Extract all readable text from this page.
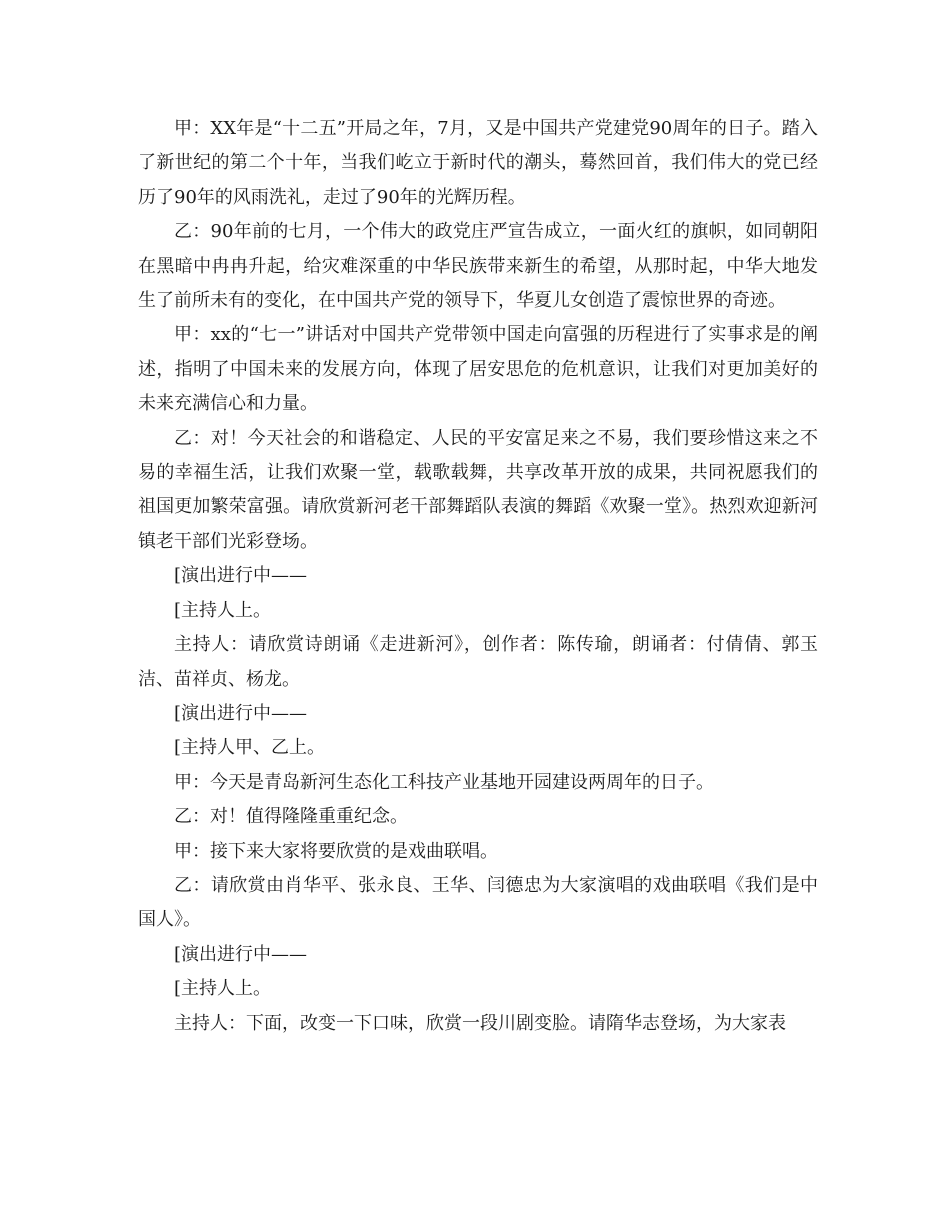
甲：XX年是“十二五”开局之年，7月，又是中国共产党建党90周年的日子。踏入了新世纪的第二个十年，当我们屹立于新时代的潮头，蓦然回首，我们伟大的党已经历了90年的风雨洗礼，走过了90年的光辉历程。

乙：90年前的七月，一个伟大的政党庄严宣告成立，一面火红的旗帜，如同朝阳在黑暗中冉冉升起，给灾难深重的中华民族带来新生的希望，从那时起，中华大地发生了前所未有的变化，在中国共产党的领导下，华夏儿女创造了震惊世界的奇迹。

甲：xx的“七一”讲话对中国共产党带领中国走向富强的历程进行了实事求是的阐述，指明了中国未来的发展方向，体现了居安思危的危机意识，让我们对更加美好的未来充满信心和力量。

乙：对！今天社会的和谐稳定、人民的平安富足来之不易，我们要珍惜这来之不易的幸福生活，让我们欢聚一堂，载歌载舞，共享改革开放的成果，共同祝愿我们的祖国更加繁荣富强。请欣赏新河老干部舞蹈队表演的舞蹈《欢聚一堂》。热烈欢迎新河镇老干部们光彩登场。

[演出进行中——

[主持人上。

主持人：请欣赏诗朗诵《走进新河》，创作者：陈传瑜，朗诵者：付倩倩、郭玉洁、苗祥贞、杨龙。

[演出进行中——

[主持人甲、乙上。

甲：今天是青岛新河生态化工科技产业基地开园建设两周年的日子。

乙：对！值得隆隆重重纪念。

甲：接下来大家将要欣赏的是戏曲联唱。

乙：请欣赏由肖华平、张永良、王华、闫德忠为大家演唱的戏曲联唱《我们是中国人》。

[演出进行中——

[主持人上。

主持人：下面，改变一下口味，欣赏一段川剧变脸。请隋华志登场，为大家表
